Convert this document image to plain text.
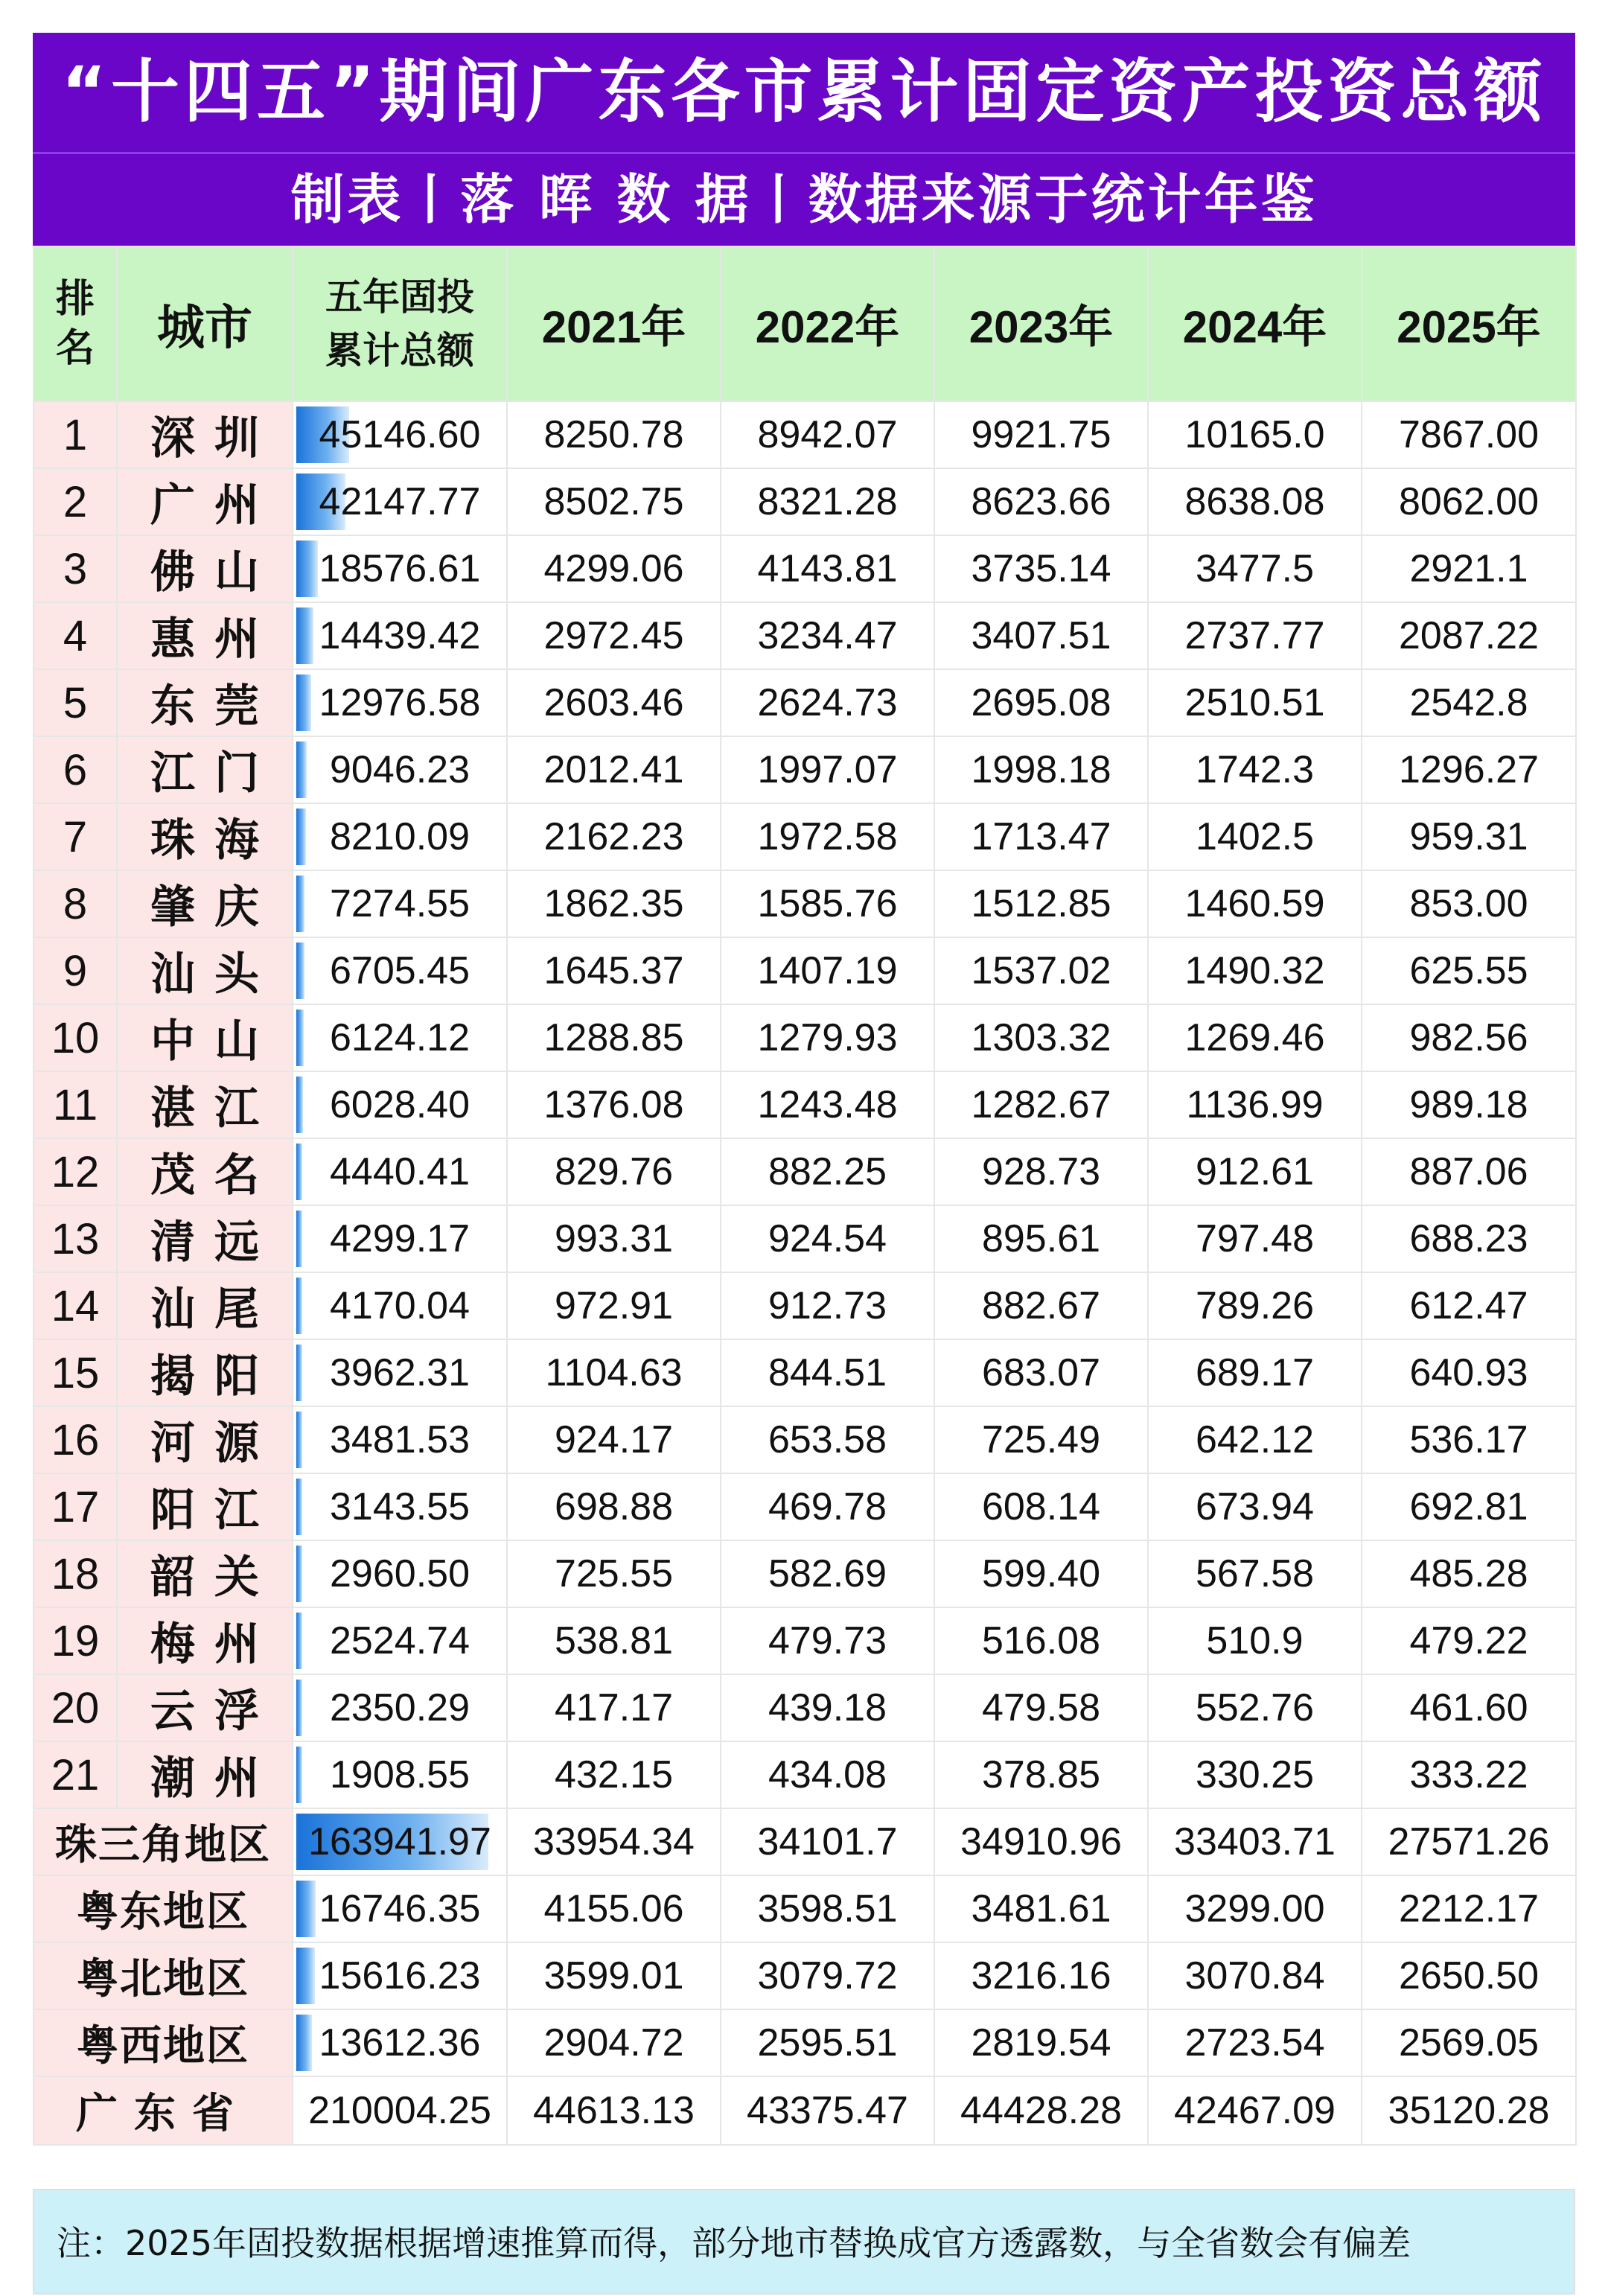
“十四五”期间广东各市累计固定资产投资总额
制表丨落 晖 数 据丨数据来源于统计年鉴
排
名	城市	五年固投
累计总额	2021年	2022年	2023年	2024年	2025年
1	深圳	45146.60	8250.78	8942.07	9921.75	10165.0	7867.00
2	广州	42147.77	8502.75	8321.28	8623.66	8638.08	8062.00
3	佛山	18576.61	4299.06	4143.81	3735.14	3477.5	2921.1
4	惠州	14439.42	2972.45	3234.47	3407.51	2737.77	2087.22
5	东莞	12976.58	2603.46	2624.73	2695.08	2510.51	2542.8
6	江门	9046.23	2012.41	1997.07	1998.18	1742.3	1296.27
7	珠海	8210.09	2162.23	1972.58	1713.47	1402.5	959.31
8	肇庆	7274.55	1862.35	1585.76	1512.85	1460.59	853.00
9	汕头	6705.45	1645.37	1407.19	1537.02	1490.32	625.55
10	中山	6124.12	1288.85	1279.93	1303.32	1269.46	982.56
11	湛江	6028.40	1376.08	1243.48	1282.67	1136.99	989.18
12	茂名	4440.41	829.76	882.25	928.73	912.61	887.06
13	清远	4299.17	993.31	924.54	895.61	797.48	688.23
14	汕尾	4170.04	972.91	912.73	882.67	789.26	612.47
15	揭阳	3962.31	1104.63	844.51	683.07	689.17	640.93
16	河源	3481.53	924.17	653.58	725.49	642.12	536.17
17	阳江	3143.55	698.88	469.78	608.14	673.94	692.81
18	韶关	2960.50	725.55	582.69	599.40	567.58	485.28
19	梅州	2524.74	538.81	479.73	516.08	510.9	479.22
20	云浮	2350.29	417.17	439.18	479.58	552.76	461.60
21	潮州	1908.55	432.15	434.08	378.85	330.25	333.22
珠三角地区		163941.97	33954.34	34101.7	34910.96	33403.71	27571.26
粤东地区		16746.35	4155.06	3598.51	3481.61	3299.00	2212.17
粤北地区		15616.23	3599.01	3079.72	3216.16	3070.84	2650.50
粤西地区		13612.36	2904.72	2595.51	2819.54	2723.54	2569.05
广东省		210004.25	44613.13	43375.47	44428.28	42467.09	35120.28
注：2025年固投数据根据增速推算而得，部分地市替换成官方透露数，与全省数会有偏差
